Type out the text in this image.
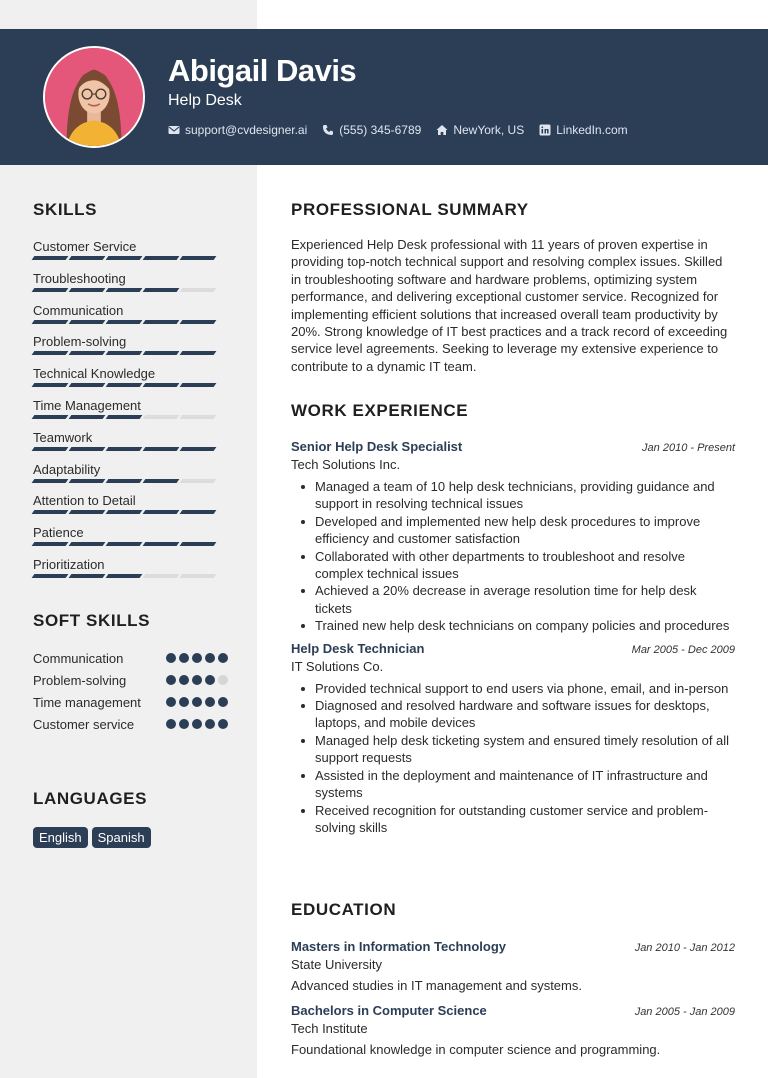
Abigail Davis
Help Desk
support@cvdesigner.ai	(555) 345-6789	NewYork, US	LinkedIn.com
SKILLS
Customer Service
Troubleshooting
Communication
Problem-solving
Technical Knowledge
Time Management
Teamwork
Adaptability
Attention to Detail
Patience
Prioritization
SOFT SKILLS
Communication
Problem-solving
Time management
Customer service
LANGUAGES
English	Spanish
PROFESSIONAL SUMMARY
Experienced Help Desk professional with 11 years of proven expertise in providing top-notch technical support and resolving complex issues. Skilled in troubleshooting software and hardware problems, optimizing system performance, and delivering exceptional customer service. Recognized for implementing efficient solutions that increased overall team productivity by 20%. Strong knowledge of IT best practices and a track record of exceeding service level agreements. Seeking to leverage my extensive experience to contribute to a dynamic IT team.
WORK EXPERIENCE
Senior Help Desk Specialist	Jan 2010 - Present
Tech Solutions Inc.
Managed a team of 10 help desk technicians, providing guidance and support in resolving technical issues
Developed and implemented new help desk procedures to improve efficiency and customer satisfaction
Collaborated with other departments to troubleshoot and resolve complex technical issues
Achieved a 20% decrease in average resolution time for help desk tickets
Trained new help desk technicians on company policies and procedures
Help Desk Technician	Mar 2005 - Dec 2009
IT Solutions Co.
Provided technical support to end users via phone, email, and in-person
Diagnosed and resolved hardware and software issues for desktops, laptops, and mobile devices
Managed help desk ticketing system and ensured timely resolution of all support requests
Assisted in the deployment and maintenance of IT infrastructure and systems
Received recognition for outstanding customer service and problem-solving skills
EDUCATION
Masters in Information Technology	Jan 2010 - Jan 2012
State University
Advanced studies in IT management and systems.
Bachelors in Computer Science	Jan 2005 - Jan 2009
Tech Institute
Foundational knowledge in computer science and programming.
